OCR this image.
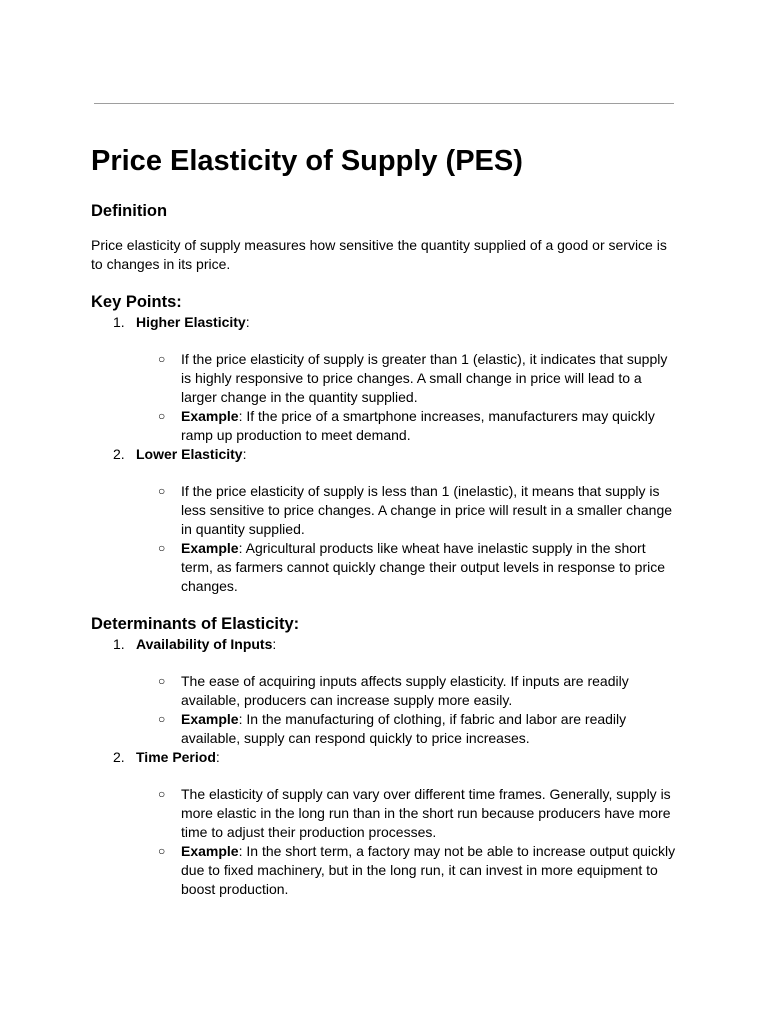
Price Elasticity of Supply (PES)
Definition

Price elasticity of supply measures how sensitive the quantity supplied of a good or service is to changes in its price.

Key Points:
1. Higher Elasticity:
○ If the price elasticity of supply is greater than 1 (elastic), it indicates that supply is highly responsive to price changes. A small change in price will lead to a larger change in the quantity supplied.
○ Example: If the price of a smartphone increases, manufacturers may quickly ramp up production to meet demand.
2. Lower Elasticity:
○ If the price elasticity of supply is less than 1 (inelastic), it means that supply is less sensitive to price changes. A change in price will result in a smaller change in quantity supplied.
○ Example: Agricultural products like wheat have inelastic supply in the short term, as farmers cannot quickly change their output levels in response to price changes.
Determinants of Elasticity:
1. Availability of Inputs:
○ The ease of acquiring inputs affects supply elasticity. If inputs are readily available, producers can increase supply more easily.
○ Example: In the manufacturing of clothing, if fabric and labor are readily available, supply can respond quickly to price increases.
2. Time Period:
○ The elasticity of supply can vary over different time frames. Generally, supply is more elastic in the long run than in the short run because producers have more time to adjust their production processes.
○ Example: In the short term, a factory may not be able to increase output quickly due to fixed machinery, but in the long run, it can invest in more equipment to boost production.
